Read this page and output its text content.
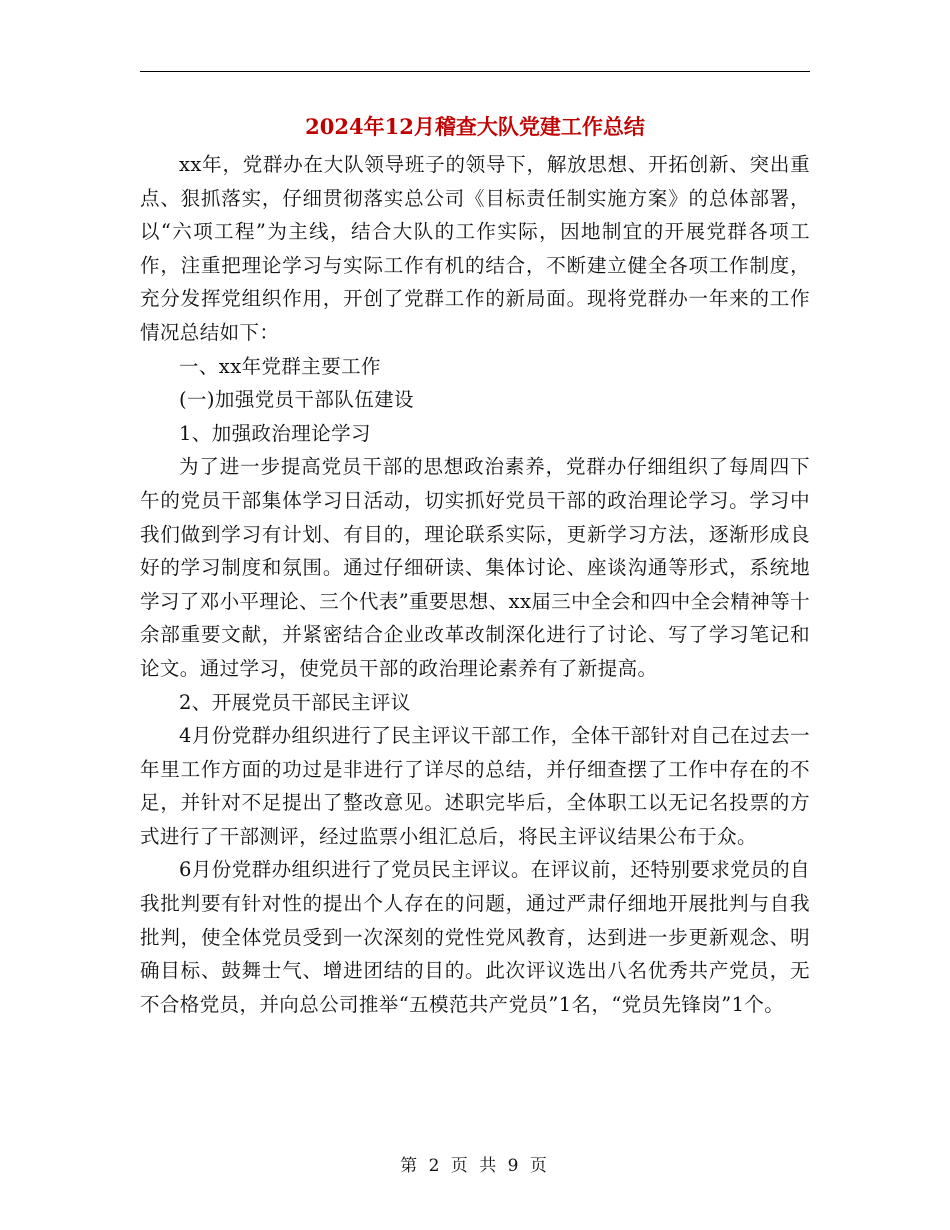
2024年12月稽查大队党建工作总结

xx年，党群办在大队领导班子的领导下，解放思想、开拓创新、突出重点、狠抓落实，仔细贯彻落实总公司《目标责任制实施方案》的总体部署，以“六项工程”为主线，结合大队的工作实际，因地制宜的开展党群各项工作，注重把理论学习与实际工作有机的结合，不断建立健全各项工作制度，充分发挥党组织作用，开创了党群工作的新局面。现将党群办一年来的工作情况总结如下：

一、xx年党群主要工作

(一)加强党员干部队伍建设

1、加强政治理论学习

为了进一步提高党员干部的思想政治素养，党群办仔细组织了每周四下午的党员干部集体学习日活动，切实抓好党员干部的政治理论学习。学习中我们做到学习有计划、有目的，理论联系实际，更新学习方法，逐渐形成良好的学习制度和氛围。通过仔细研读、集体讨论、座谈沟通等形式，系统地学习了邓小平理论、三个代表”重要思想、xx届三中全会和四中全会精神等十余部重要文献，并紧密结合企业改革改制深化进行了讨论、写了学习笔记和论文。通过学习，使党员干部的政治理论素养有了新提高。

2、开展党员干部民主评议

4月份党群办组织进行了民主评议干部工作，全体干部针对自己在过去一年里工作方面的功过是非进行了详尽的总结，并仔细查摆了工作中存在的不足，并针对不足提出了整改意见。述职完毕后，全体职工以无记名投票的方式进行了干部测评，经过监票小组汇总后，将民主评议结果公布于众。

6月份党群办组织进行了党员民主评议。在评议前，还特别要求党员的自我批判要有针对性的提出个人存在的问题，通过严肃仔细地开展批判与自我批判，使全体党员受到一次深刻的党性党风教育，达到进一步更新观念、明确目标、鼓舞士气、增进团结的目的。此次评议选出八名优秀共产党员，无不合格党员，并向总公司推举“五模范共产党员”1名，“党员先锋岗”1个。

第 2 页 共 9 页
